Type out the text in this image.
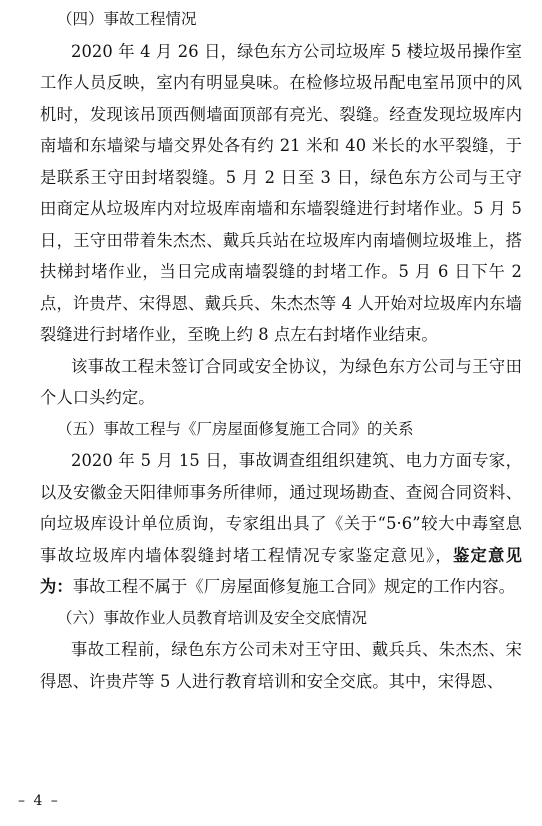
（四）事故工程情况

2020 年 4 月 26 日，绿色东方公司垃圾库 5 楼垃圾吊操作室工作人员反映，室内有明显臭味。在检修垃圾吊配电室吊顶中的风机时，发现该吊顶西侧墙面顶部有亮光、裂缝。经查发现垃圾库内南墙和东墙梁与墙交界处各有约 21 米和 40 米长的水平裂缝，于是联系王守田封堵裂缝。5 月 2 日至 3 日，绿色东方公司与王守田商定从垃圾库内对垃圾库南墙和东墙裂缝进行封堵作业。5 月 5 日，王守田带着朱杰杰、戴兵兵站在垃圾库内南墙侧垃圾堆上，搭扶梯封堵作业，当日完成南墙裂缝的封堵工作。5 月 6 日下午 2 点，许贵芹、宋得恩、戴兵兵、朱杰杰等 4 人开始对垃圾库内东墙裂缝进行封堵作业，至晚上约 8 点左右封堵作业结束。

该事故工程未签订合同或安全协议，为绿色东方公司与王守田个人口头约定。

（五）事故工程与《厂房屋面修复施工合同》的关系

2020 年 5 月 15 日，事故调查组组织建筑、电力方面专家，以及安徽金天阳律师事务所律师，通过现场勘查、查阅合同资料、向垃圾库设计单位质询，专家组出具了《关于“5·6”较大中毒窒息事故垃圾库内墙体裂缝封堵工程情况专家鉴定意见》，鉴定意见为：事故工程不属于《厂房屋面修复施工合同》规定的工作内容。

（六）事故作业人员教育培训及安全交底情况

事故工程前，绿色东方公司未对王守田、戴兵兵、朱杰杰、宋得恩、许贵芹等 5 人进行教育培训和安全交底。其中，宋得恩、

– 4 –
